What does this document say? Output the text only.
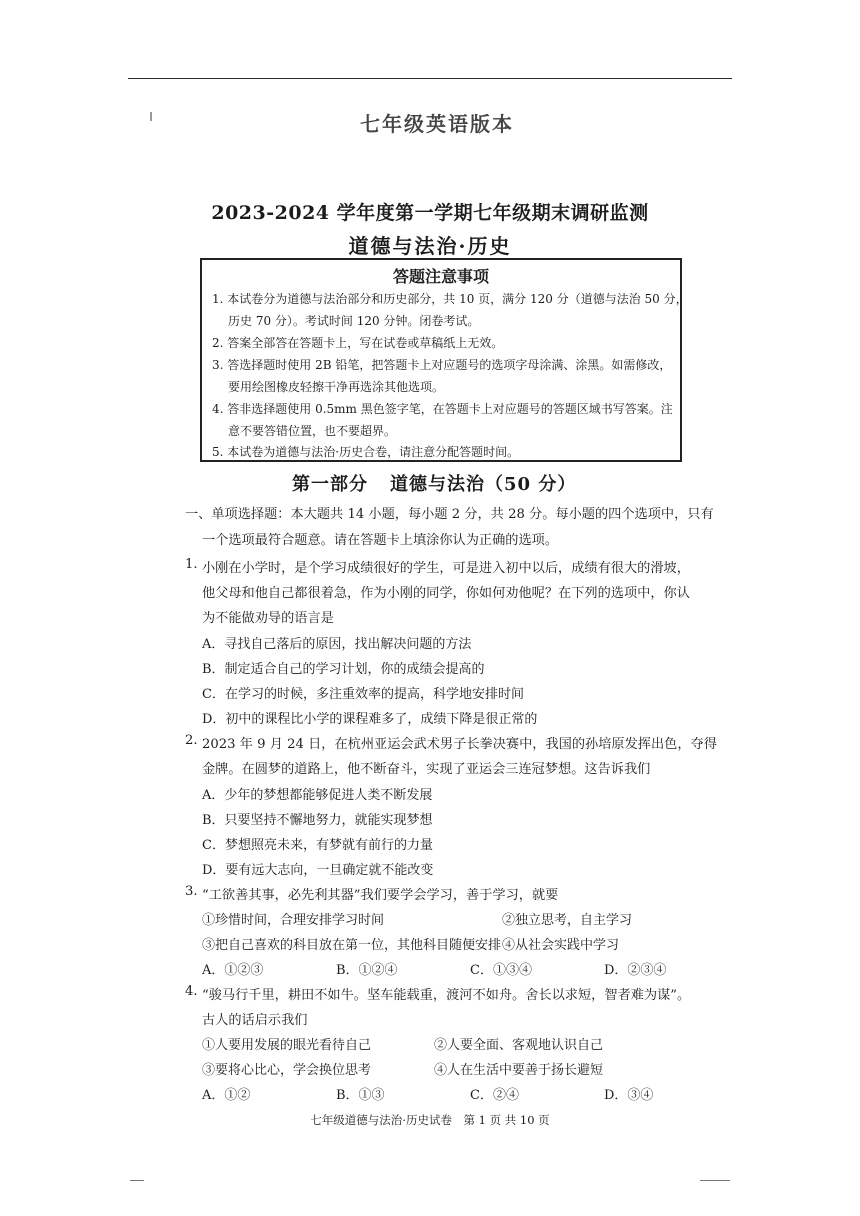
七年级英语版本
2023-2024 学年度第一学期七年级期末调研监测
道德与法治·历史
答题注意事项
1. 本试卷分为道德与法治部分和历史部分，共 10 页，满分 120 分（道德与法治 50 分，
历史 70 分）。考试时间 120 分钟。闭卷考试。
2. 答案全部答在答题卡上，写在试卷或草稿纸上无效。
3. 答选择题时使用 2B 铅笔，把答题卡上对应题号的选项字母涂满、涂黑。如需修改，
要用绘图橡皮轻擦干净再选涂其他选项。
4. 答非选择题使用 0.5mm 黑色签字笔，在答题卡上对应题号的答题区域书写答案。注
意不要答错位置，也不要超界。
5. 本试卷为道德与法治·历史合卷，请注意分配答题时间。
第一部分 道德与法治（50 分）
一、单项选择题：本大题共 14 小题，每小题 2 分，共 28 分。每小题的四个选项中，只有
一个选项最符合题意。请在答题卡上填涂你认为正确的选项。
1. 小刚在小学时，是个学习成绩很好的学生，可是进入初中以后，成绩有很大的滑坡，
他父母和他自己都很着急，作为小刚的同学，你如何劝他呢？在下列的选项中，你认
为不能做劝导的语言是
A．寻找自己落后的原因，找出解决问题的方法
B．制定适合自己的学习计划，你的成绩会提高的
C．在学习的时候，多注重效率的提高，科学地安排时间
D．初中的课程比小学的课程难多了，成绩下降是很正常的
2. 2023 年 9 月 24 日，在杭州亚运会武术男子长拳决赛中，我国的孙培原发挥出色，夺得
金牌。在圆梦的道路上，他不断奋斗，实现了亚运会三连冠梦想。这告诉我们
A．少年的梦想都能够促进人类不断发展
B．只要坚持不懈地努力，就能实现梦想
C．梦想照亮未来，有梦就有前行的力量
D．要有远大志向，一旦确定就不能改变
3. “工欲善其事，必先利其器”我们要学会学习，善于学习，就要
①珍惜时间，合理安排学习时间	②独立思考，自主学习
③把自己喜欢的科目放在第一位，其他科目随便安排 ④从社会实践中学习
A．①②③	B．①②④	C．①③④	D．②③④
4. “骏马行千里，耕田不如牛。坚车能载重，渡河不如舟。舍长以求短，智者难为谋”。
古人的话启示我们
①人要用发展的眼光看待自己	②人要全面、客观地认识自己
③要将心比心，学会换位思考	④人在生活中要善于扬长避短
A．①②	B．①③	C．②④	D．③④
七年级道德与法治·历史试卷　第 1 页 共 10 页
